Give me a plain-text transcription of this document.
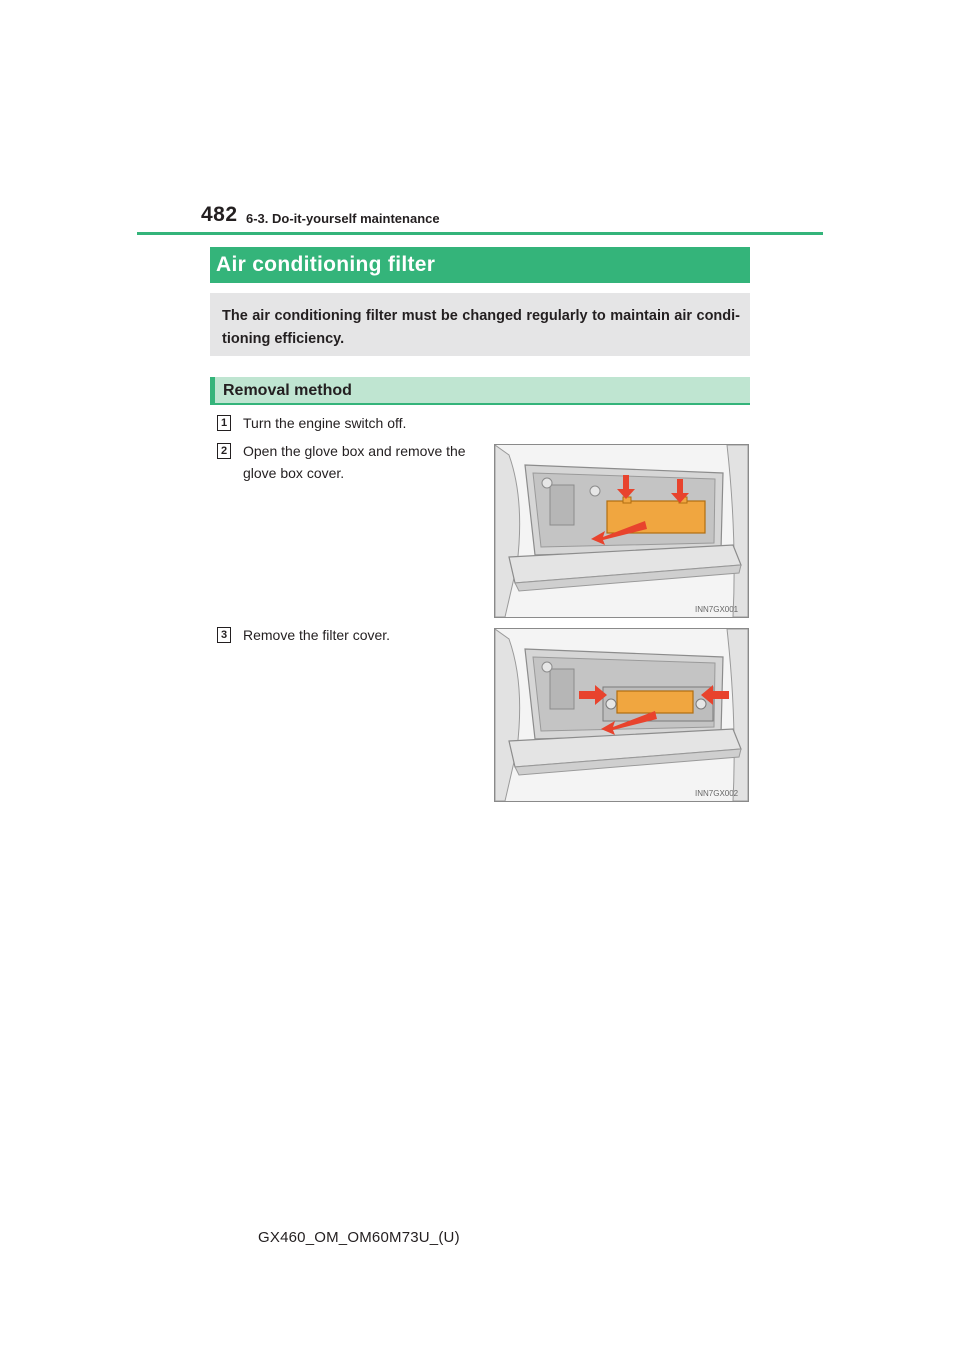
482 6-3. Do-it-yourself maintenance
Air conditioning filter
The air conditioning filter must be changed regularly to maintain air condi-tioning efficiency.
Removal method
1 Turn the engine switch off.
2 Open the glove box and remove the glove box cover.
INN7GX001
3 Remove the filter cover.
INN7GX002
GX460_OM_OM60M73U_(U)
